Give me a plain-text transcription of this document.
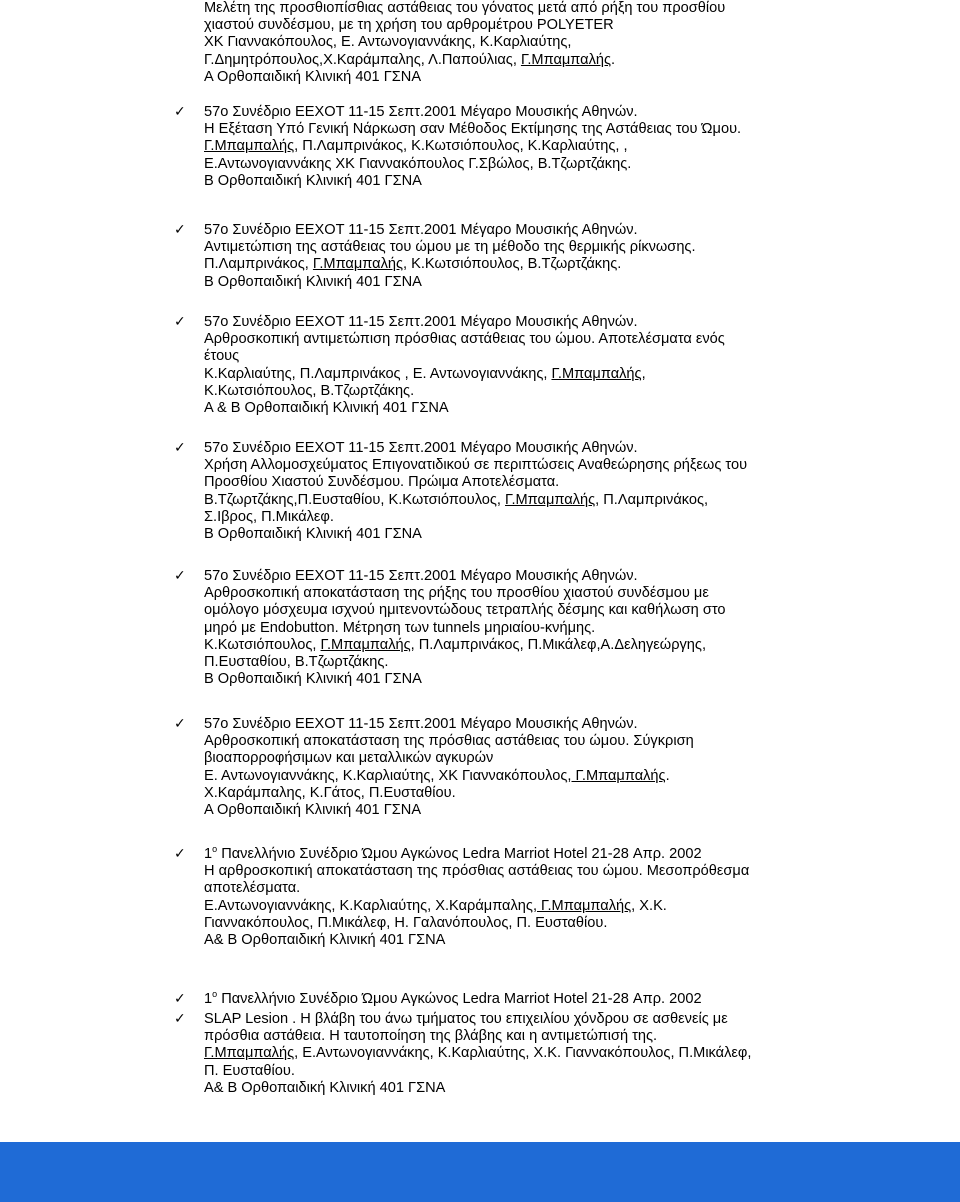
Μελέτη της προσθιοπίσθιας αστάθειας του γόνατος μετά από ρήξη του προσθίου
χιαστού συνδέσμου, με τη χρήση του αρθρομέτρου POLYETER
ΧΚ Γιαννακόπουλος, Ε. Αντωνογιαννάκης, Κ.Καρλιαύτης,
Γ.Δημητρόπουλος,Χ.Καράμπαλης, Λ.Παπούλιας, Γ.Μπαμπαλής.
Α Ορθοπαιδική Κλινική 401 ΓΣΝΑ
✓	57ο Συνέδριο ΕΕΧΟΤ 11-15 Σεπτ.2001 Μέγαρο Μουσικής Αθηνών.
Η Εξέταση Υπό Γενική Νάρκωση σαν Μέθοδος Εκτίμησης της Αστάθειας του Ώμου.
Γ.Μπαμπαλής, Π.Λαμπρινάκος, Κ.Κωτσιόπουλος, Κ.Καρλιαύτης, ,
Ε.Αντωνογιαννάκης ΧΚ Γιαννακόπουλος Γ.Σβώλος, Β.Τζωρτζάκης.
Β Ορθοπαιδική Κλινική 401 ΓΣΝΑ
✓	57ο Συνέδριο ΕΕΧΟΤ 11-15 Σεπτ.2001 Μέγαρο Μουσικής Αθηνών.
Αντιμετώπιση της αστάθειας του ώμου με τη μέθοδο της θερμικής ρίκνωσης.
Π.Λαμπρινάκος, Γ.Μπαμπαλής, Κ.Κωτσιόπουλος, Β.Τζωρτζάκης.
Β Ορθοπαιδική Κλινική 401 ΓΣΝΑ
✓	57ο Συνέδριο ΕΕΧΟΤ 11-15 Σεπτ.2001 Μέγαρο Μουσικής Αθηνών.
Αρθροσκοπική αντιμετώπιση πρόσθιας αστάθειας του ώμου. Αποτελέσματα ενός
έτους
Κ.Καρλιαύτης, Π.Λαμπρινάκος , Ε. Αντωνογιαννάκης, Γ.Μπαμπαλής,
Κ.Κωτσιόπουλος, Β.Τζωρτζάκης.
Α & Β Ορθοπαιδική Κλινική 401 ΓΣΝΑ
✓	57ο Συνέδριο ΕΕΧΟΤ 11-15 Σεπτ.2001 Μέγαρο Μουσικής Αθηνών.
Χρήση Αλλομοσχεύματος Επιγονατιδικού σε περιπτώσεις Αναθεώρησης ρήξεως του
Προσθίου Χιαστού Συνδέσμου. Πρώιμα Αποτελέσματα.
Β.Τζωρτζάκης,Π.Ευσταθίου, Κ.Κωτσιόπουλος, Γ.Μπαμπαλής, Π.Λαμπρινάκος,
Σ.Ιβρος, Π.Μικάλεφ.
Β Ορθοπαιδική Κλινική 401 ΓΣΝΑ
✓	57ο Συνέδριο ΕΕΧΟΤ 11-15 Σεπτ.2001 Μέγαρο Μουσικής Αθηνών.
Αρθροσκοπική αποκατάσταση της ρήξης του προσθίου χιαστού συνδέσμου με
ομόλογο μόσχευμα ισχνού ημιτενοντώδους τετραπλής δέσμης και καθήλωση στο
μηρό με Endobutton. Μέτρηση των tunnels μηριαίου-κνήμης.
Κ.Κωτσιόπουλος, Γ.Μπαμπαλής, Π.Λαμπρινάκος, Π.Μικάλεφ,Α.Δεληγεώργης,
Π.Ευσταθίου, Β.Τζωρτζάκης.
Β Ορθοπαιδική Κλινική 401 ΓΣΝΑ
✓	57ο Συνέδριο ΕΕΧΟΤ 11-15 Σεπτ.2001 Μέγαρο Μουσικής Αθηνών.
Αρθροσκοπική αποκατάσταση της πρόσθιας αστάθειας του ώμου. Σύγκριση
βιοαπορροφήσιμων και μεταλλικών αγκυρών
Ε. Αντωνογιαννάκης, Κ.Καρλιαύτης, ΧΚ Γιαννακόπουλος, Γ.Μπαμπαλής.
Χ.Καράμπαλης, Κ.Γάτος, Π.Ευσταθίου.
Α Ορθοπαιδική Κλινική 401 ΓΣΝΑ
✓	$1^o$ Πανελλήνιο Συνέδριο Ώμου Αγκώνος Ledra Marriot Hotel 21-28 Απρ. 2002
Η αρθροσκοπική αποκατάσταση της πρόσθιας αστάθειας του ώμου. Μεσοπρόθεσμα
αποτελέσματα.
Ε.Αντωνογιαννάκης, Κ.Καρλιαύτης, Χ.Καράμπαλης, Γ.Μπαμπαλής, Χ.Κ.
Γιαννακόπουλος, Π.Μικάλεφ, Η. Γαλανόπουλος, Π. Ευσταθίου.
Α& Β Ορθοπαιδική Κλινική 401 ΓΣΝΑ
✓	$1^o$ Πανελλήνιο Συνέδριο Ώμου Αγκώνος Ledra Marriot Hotel 21-28 Απρ. 2002
✓	SLAP Lesion . Η βλάβη του άνω τμήματος του επιχειλίου χόνδρου σε ασθενείς με
πρόσθια αστάθεια. Η ταυτοποίηση της βλάβης και η αντιμετώπισή της.
Γ.Μπαμπαλής, Ε.Αντωνογιαννάκης, Κ.Καρλιαύτης, Χ.Κ. Γιαννακόπουλος, Π.Μικάλεφ,
Π. Ευσταθίου.
Α& Β Ορθοπαιδική Κλινική 401 ΓΣΝΑ
